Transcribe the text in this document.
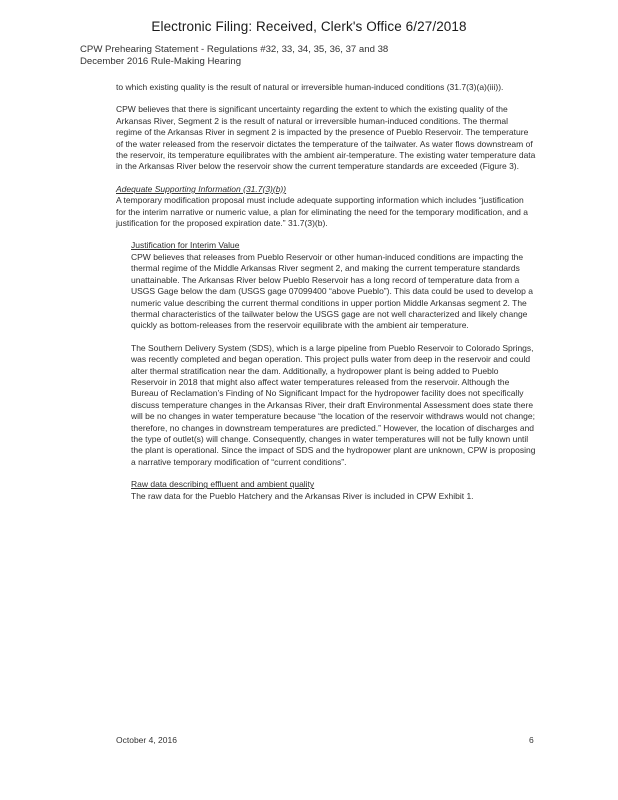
Electronic Filing: Received, Clerk's Office 6/27/2018
CPW Prehearing Statement - Regulations #32, 33, 34, 35, 36, 37 and 38
December 2016 Rule-Making Hearing

to which existing quality is the result of natural or irreversible human-induced conditions (31.7(3)(a)(iii)).

CPW believes that there is significant uncertainty regarding the extent to which the existing quality of the Arkansas River, Segment 2 is the result of natural or irreversible human-induced conditions. The thermal regime of the Arkansas River in segment 2 is impacted by the presence of Pueblo Reservoir. The temperature of the water released from the reservoir dictates the temperature of the tailwater. As water flows downstream of the reservoir, its temperature equilibrates with the ambient air-temperature. The existing water temperature data in the Arkansas River below the reservoir show the current temperature standards are exceeded (Figure 3).

Adequate Supporting Information (31.7(3)(b))

A temporary modification proposal must include adequate supporting information which includes “justification for the interim narrative or numeric value, a plan for eliminating the need for the temporary modification, and a justification for the proposed expiration date.” 31.7(3)(b).

Justification for Interim Value

CPW believes that releases from Pueblo Reservoir or other human-induced conditions are impacting the thermal regime of the Middle Arkansas River segment 2, and making the current temperature standards unattainable. The Arkansas River below Pueblo Reservoir has a long record of temperature data from a USGS Gage below the dam (USGS gage 07099400 “above Pueblo”). This data could be used to develop a numeric value describing the current thermal conditions in upper portion Middle Arkansas segment 2. The thermal characteristics of the tailwater below the USGS gage are not well characterized and likely change quickly as bottom-releases from the reservoir equilibrate with the ambient air temperature.

The Southern Delivery System (SDS), which is a large pipeline from Pueblo Reservoir to Colorado Springs, was recently completed and began operation. This project pulls water from deep in the reservoir and could alter thermal stratification near the dam. Additionally, a hydropower plant is being added to Pueblo Reservoir in 2018 that might also affect water temperatures released from the reservoir. Although the Bureau of Reclamation’s Finding of No Significant Impact for the hydropower facility does not specifically discuss temperature changes in the Arkansas River, their draft Environmental Assessment does state there will be no changes in water temperature because “the location of the reservoir withdraws would not change; therefore, no changes in downstream temperatures are predicted.” However, the location of discharges and the type of outlet(s) will change. Consequently, changes in water temperatures will not be fully known until the plant is operational. Since the impact of SDS and the hydropower plant are unknown, CPW is proposing a narrative temporary modification of “current conditions”.

Raw data describing effluent and ambient quality

The raw data for the Pueblo Hatchery and the Arkansas River is included in CPW Exhibit 1.

October 4, 2016	6
